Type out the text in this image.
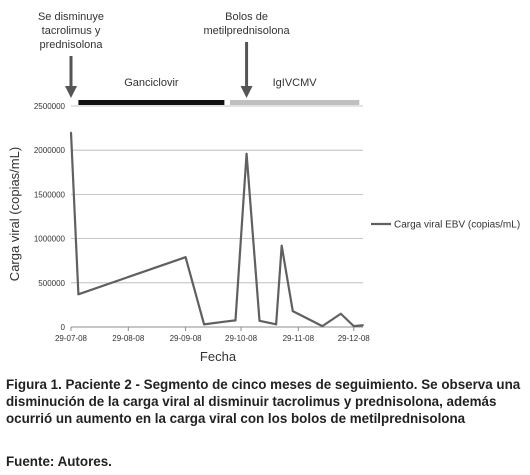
0
500000
1000000
1500000
2000000
2500000
29-07-08	29-08-08	29-09-08	29-10-08	29-11-08	29-12-08
Ganciclovir	IgIVCMV
Se disminuye
tacrolimus y
prednisolona
Bolos de
metilprednisolona
Carga viral (copias/mL)
Fecha
Carga viral EBV (copias/mL)

Figura 1. Paciente 2 - Segmento de cinco meses de seguimiento. Se observa una disminución de la carga viral al disminuir tacrolimus y prednisolona, además ocurrió un aumento en la carga viral con los bolos de metilprednisolona

Fuente: Autores.
